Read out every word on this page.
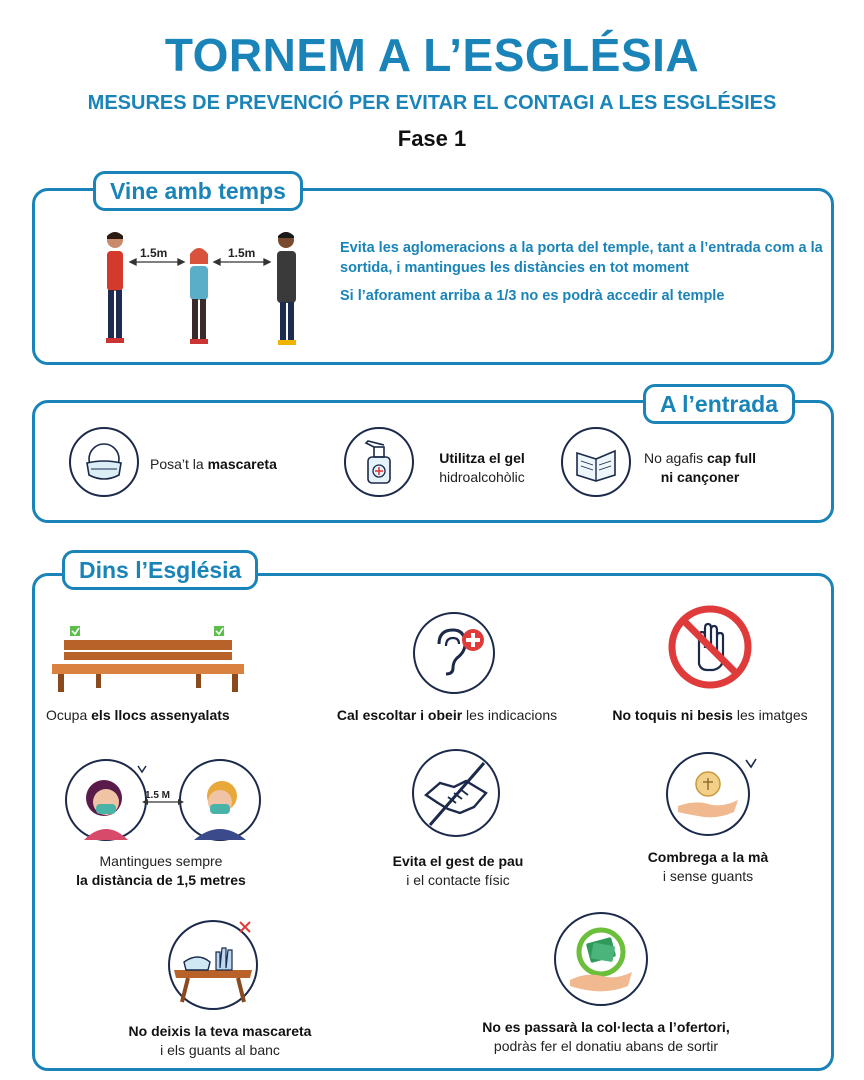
TORNEM A L’ESGLÉSIA
MESURES DE PREVENCIÓ PER EVITAR EL CONTAGI A LES ESGLÉSIES
Fase 1
Vine amb temps
1.5m	1.5m	Evita les aglomeracions a la porta del temple, tant a l’entrada com a la sortida, i mantingues les distàncies en tot moment
Si l’aforament arriba a 1/3 no es podrà accedir al temple
A l’entrada
Posa’t la mascareta	Utilitza el gel
hidroalcohòlic
No agafis cap full
ni cançoner
Dins l’Església
Ocupa els llocs assenyalats	Cal escoltar i obeir les indicacions	No toquis ni besis les imatges
1.5 M
Mantingues sempre
la distància de 1,5 metres
Evita el gest de pau
i el contacte físic
Combrega a la mà
i sense guants
No deixis la teva mascareta
i els guants al banc
No es passarà la col·lecta a l’ofertori,
podràs fer el donatiu abans de sortir
